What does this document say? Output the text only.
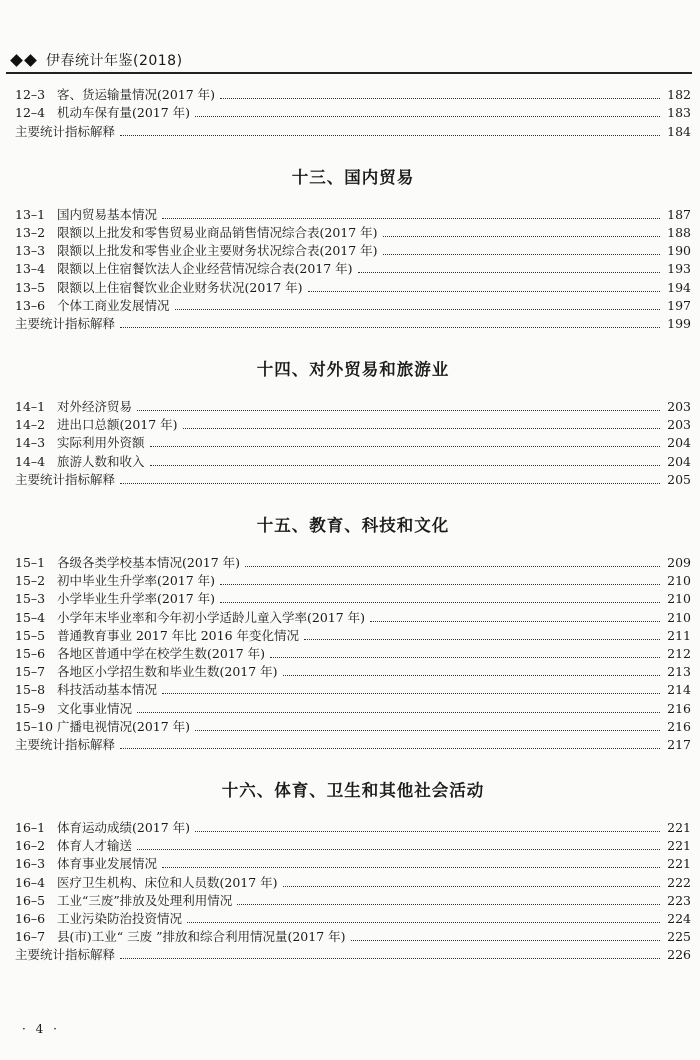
伊春统计年鉴(2018)
12–3 客、货运输量情况(2017 年)	182
12–4 机动车保有量(2017 年)	183
主要统计指标解释	184
十三、国内贸易
13–1 国内贸易基本情况	187
13–2 限额以上批发和零售贸易业商品销售情况综合表(2017 年)	188
13–3 限额以上批发和零售业企业主要财务状况综合表(2017 年)	190
13–4 限额以上住宿餐饮法人企业经营情况综合表(2017 年)	193
13–5 限额以上住宿餐饮业企业财务状况(2017 年)	194
13–6 个体工商业发展情况	197
主要统计指标解释	199
十四、对外贸易和旅游业
14–1 对外经济贸易	203
14–2 进出口总额(2017 年)	203
14–3 实际利用外资额	204
14–4 旅游人数和收入	204
主要统计指标解释	205
十五、教育、科技和文化
15–1 各级各类学校基本情况(2017 年)	209
15–2 初中毕业生升学率(2017 年)	210
15–3 小学毕业生升学率(2017 年)	210
15–4 小学年末毕业率和今年初小学适龄儿童入学率(2017 年)	210
15–5 普通教育事业 2017 年比 2016 年变化情况	211
15–6 各地区普通中学在校学生数(2017 年)	212
15–7 各地区小学招生数和毕业生数(2017 年)	213
15–8 科技活动基本情况	214
15–9 文化事业情况	216
15–10 广播电视情况(2017 年)	216
主要统计指标解释	217
十六、体育、卫生和其他社会活动
16–1 体育运动成绩(2017 年)	221
16–2 体育人才输送	221
16–3 体育事业发展情况	221
16–4 医疗卫生机构、床位和人员数(2017 年)	222
16–5 工业“三废”排放及处理利用情况	223
16–6 工业污染防治投资情况	224
16–7 县(市)工业“ 三废 ”排放和综合利用情况量(2017 年)	225
主要统计指标解释	226
· 4 ·
